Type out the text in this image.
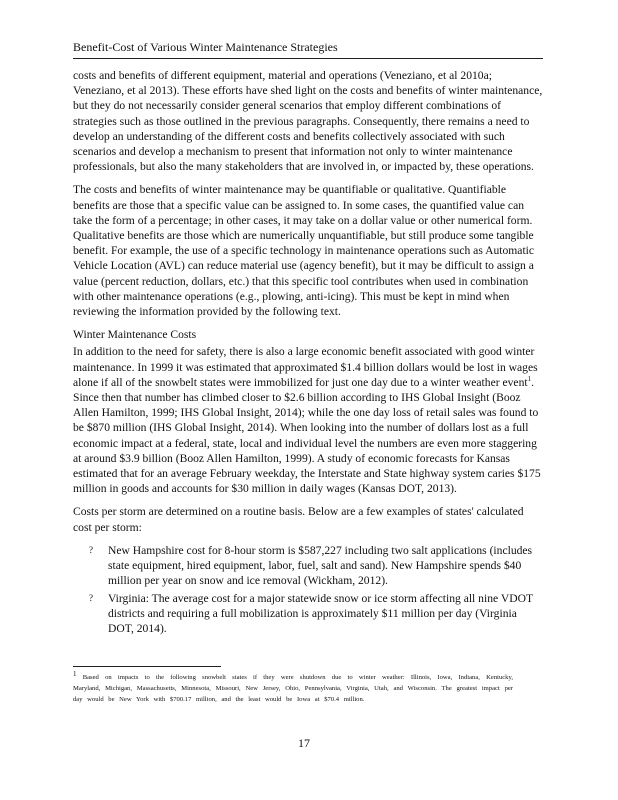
Benefit-Cost of Various Winter Maintenance Strategies

costs and benefits of different equipment, material and operations (Veneziano, et al 2010a; Veneziano, et al 2013). These efforts have shed light on the costs and benefits of winter maintenance, but they do not necessarily consider general scenarios that employ different combinations of strategies such as those outlined in the previous paragraphs. Consequently, there remains a need to develop an understanding of the different costs and benefits collectively associated with such scenarios and develop a mechanism to present that information not only to winter maintenance professionals, but also the many stakeholders that are involved in, or impacted by, these operations.

The costs and benefits of winter maintenance may be quantifiable or qualitative. Quantifiable benefits are those that a specific value can be assigned to. In some cases, the quantified value can take the form of a percentage; in other cases, it may take on a dollar value or other numerical form. Qualitative benefits are those which are numerically unquantifiable, but still produce some tangible benefit. For example, the use of a specific technology in maintenance operations such as Automatic Vehicle Location (AVL) can reduce material use (agency benefit), but it may be difficult to assign a value (percent reduction, dollars, etc.) that this specific tool contributes when used in combination with other maintenance operations (e.g., plowing, anti-icing). This must be kept in mind when reviewing the information provided by the following text.

Winter Maintenance Costs

In addition to the need for safety, there is also a large economic benefit associated with good winter maintenance. In 1999 it was estimated that approximated $1.4 billion dollars would be lost in wages alone if all of the snowbelt states were immobilized for just one day due to a winter weather event$^1$. Since then that number has climbed closer to $2.6 billion according to IHS Global Insight (Booz Allen Hamilton, 1999; IHS Global Insight, 2014); while the one day loss of retail sales was found to be $870 million (IHS Global Insight, 2014). When looking into the number of dollars lost as a full economic impact at a federal, state, local and individual level the numbers are even more staggering at around $3.9 billion (Booz Allen Hamilton, 1999). A study of economic forecasts for Kansas estimated that for an average February weekday, the Interstate and State highway system caries $175 million in goods and accounts for $30 million in daily wages (Kansas DOT, 2013).

Costs per storm are determined on a routine basis. Below are a few examples of states' calculated cost per storm:

? New Hampshire cost for 8-hour storm is $587,227 including two salt applications (includes state equipment, hired equipment, labor, fuel, salt and sand). New Hampshire spends $40 million per year on snow and ice removal (Wickham, 2012).
? Virginia: The average cost for a major statewide snow or ice storm affecting all nine VDOT districts and requiring a full mobilization is approximately $11 million per day (Virginia DOT, 2014).
$^1$ Based on impacts to the following snowbelt states if they were shutdown due to winter weather: Illinois, Iowa, Indiana, Kentucky, Maryland, Michigan, Massachusetts, Minnesota, Missouri, New Jersey, Ohio, Pennsylvania, Virginia, Utah, and Wisconsin. The greatest impact per day would be New York with $700.17 million, and the least would be Iowa at $70.4 million.
17
